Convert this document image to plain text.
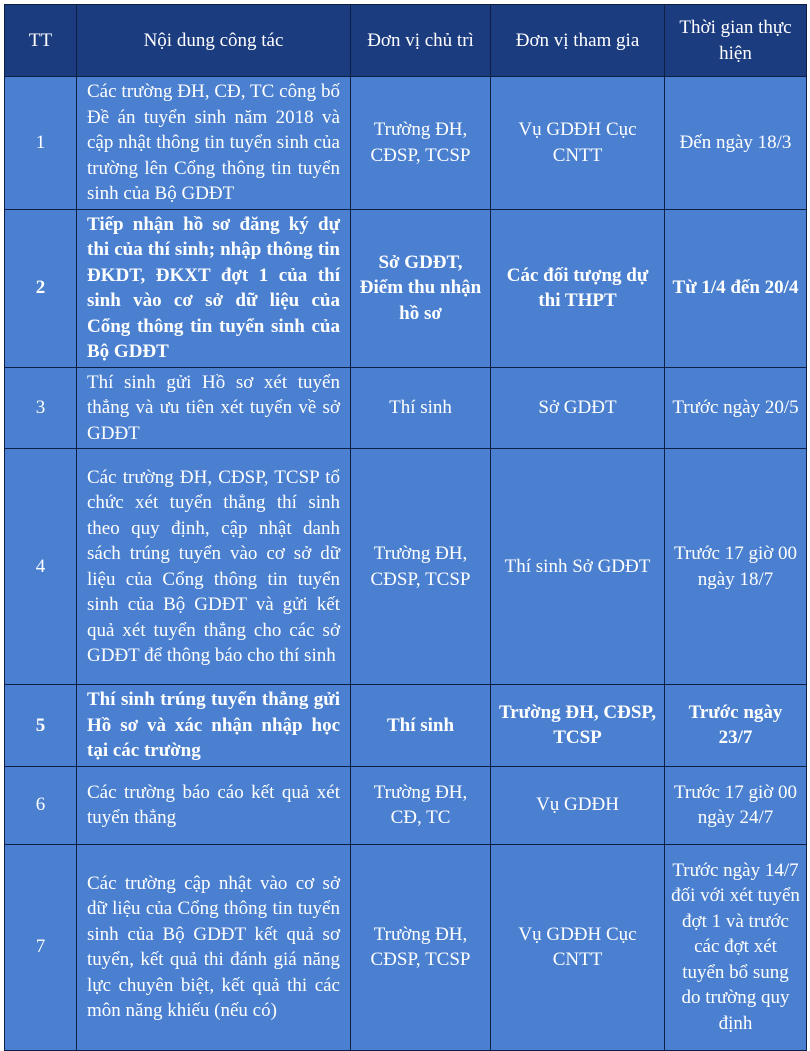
TT	Nội dung công tác	Đơn vị chủ trì	Đơn vị tham gia	Thời gian thực hiện
1	Các trường ĐH, CĐ, TC công bố Đề án tuyển sinh năm 2018 và cập nhật thông tin tuyển sinh của trường lên Cổng thông tin tuyển sinh của Bộ GDĐT	Trường ĐH, CĐSP, TCSP	Vụ GDĐH Cục CNTT	Đến ngày 18/3
2	Tiếp nhận hồ sơ đăng ký dự thi của thí sinh; nhập thông tin ĐKDT, ĐKXT đợt 1 của thí sinh vào cơ sở dữ liệu của Cổng thông tin tuyển sinh của Bộ GDĐT	Sở GDĐT, Điểm thu nhận hồ sơ	Các đối tượng dự thi THPT	Từ 1/4 đến 20/4
3	Thí sinh gửi Hồ sơ xét tuyển thẳng và ưu tiên xét tuyển về sở GDĐT	Thí sinh	Sở GDĐT	Trước ngày 20/5
4	Các trường ĐH, CĐSP, TCSP tổ chức xét tuyển thẳng thí sinh theo quy định, cập nhật danh sách trúng tuyển vào cơ sở dữ liệu của Cổng thông tin tuyển sinh của Bộ GDĐT và gửi kết quả xét tuyển thẳng cho các sở GDĐT để thông báo cho thí sinh	Trường ĐH, CĐSP, TCSP	Thí sinh Sở GDĐT	Trước 17 giờ 00 ngày 18/7
5	Thí sinh trúng tuyển thẳng gửi Hồ sơ và xác nhận nhập học tại các trường	Thí sinh	Trường ĐH, CĐSP, TCSP	Trước ngày 23/7
6	Các trường báo cáo kết quả xét tuyển thẳng	Trường ĐH, CĐ, TC	Vụ GDĐH	Trước 17 giờ 00 ngày 24/7
7	Các trường cập nhật vào cơ sở dữ liệu của Cổng thông tin tuyển sinh của Bộ GDĐT kết quả sơ tuyển, kết quả thi đánh giá năng lực chuyên biệt, kết quả thi các môn năng khiếu (nếu có)	Trường ĐH, CĐSP, TCSP	Vụ GDĐH Cục CNTT	Trước ngày 14/7 đối với xét tuyển đợt 1 và trước các đợt xét tuyển bổ sung do trường quy định
